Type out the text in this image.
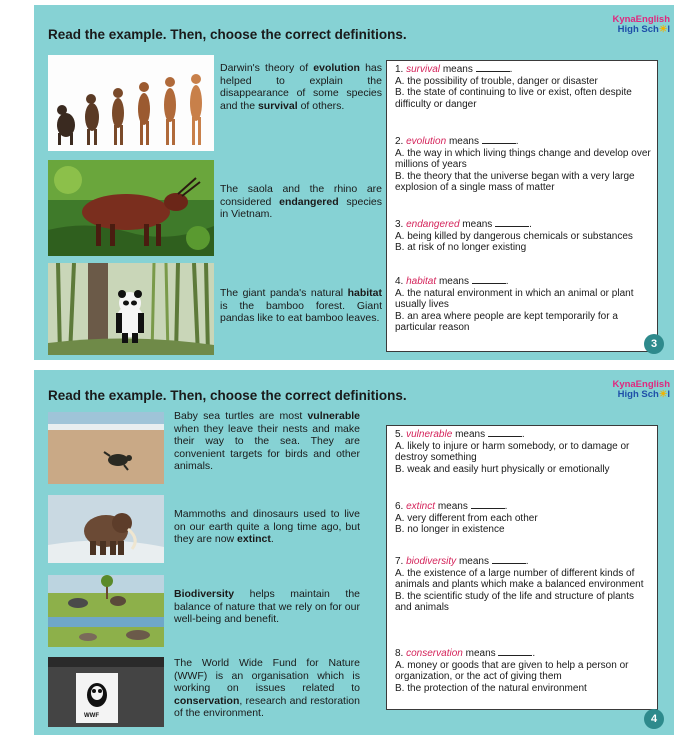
Read the example. Then, choose the correct definitions.
KynaEnglish
High Sch☀l
Darwin's theory of evolution has helped to explain the disappearance of some species and the survival of others.
The saola and the rhino are considered endangered species in Vietnam.
The giant panda's natural habitat is the bamboo forest. Giant pandas like to eat bamboo leaves.
1. survival means	.
A. the possibility of trouble, danger or disaster
B. the state of continuing to live or exist, often despite difficulty or danger
2. evolution means	.
A. the way in which living things change and develop over millions of years
B. the theory that the universe began with a very large explosion of a single mass of matter
3. endangered means	.
A. being killed by dangerous chemicals or substances
B. at risk of no longer existing
4. habitat means	.
A. the natural environment in which an animal or plant usually lives
B. an area where people are kept temporarily for a particular reason
3
Read the example. Then, choose the correct definitions.
KynaEnglish
High Sch☀l
WWF
Baby sea turtles are most vulnerable when they leave their nests and make their way to the sea. They are convenient targets for birds and other animals.
Mammoths and dinosaurs used to live on our earth quite a long time ago, but they are now extinct.
Biodiversity helps maintain the balance of nature that we rely on for our well-being and benefit.
The World Wide Fund for Nature (WWF) is an organisation which is working on issues related to conservation, research and restoration of the environment.
5. vulnerable means	.
A. likely to injure or harm somebody, or to damage or destroy something
B. weak and easily hurt physically or emotionally
6. extinct means	.
A. very different from each other
B. no longer in existence
7. biodiversity means	.
A. the existence of a large number of different kinds of animals and plants which make a balanced environment
B. the scientific study of the life and structure of plants and animals
8. conservation means	.
A. money or goods that are given to help a person or organization, or the act of giving them
B. the protection of the natural environment
4
